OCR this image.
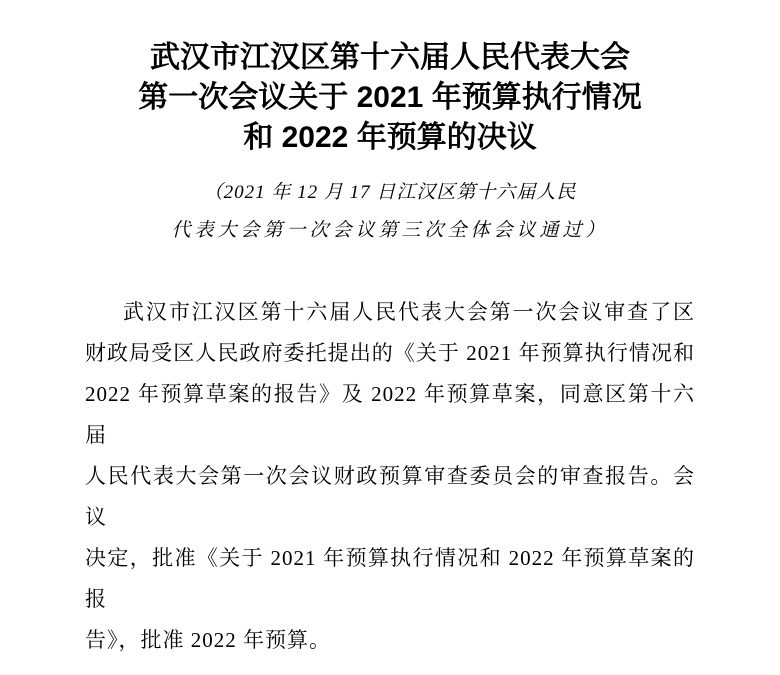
武汉市江汉区第十六届人民代表大会
第一次会议关于 2021 年预算执行情况
和 2022 年预算的决议
（2021 年 12 月 17 日江汉区第十六届人民
代表大会第一次会议第三次全体会议通过）
武汉市江汉区第十六届人民代表大会第一次会议审查了区
财政局受区人民政府委托提出的《关于 2021 年预算执行情况和
2022 年预算草案的报告》及 2022 年预算草案，同意区第十六届
人民代表大会第一次会议财政预算审查委员会的审查报告。会议
决定，批准《关于 2021 年预算执行情况和 2022 年预算草案的报
告》，批准 2022 年预算。
